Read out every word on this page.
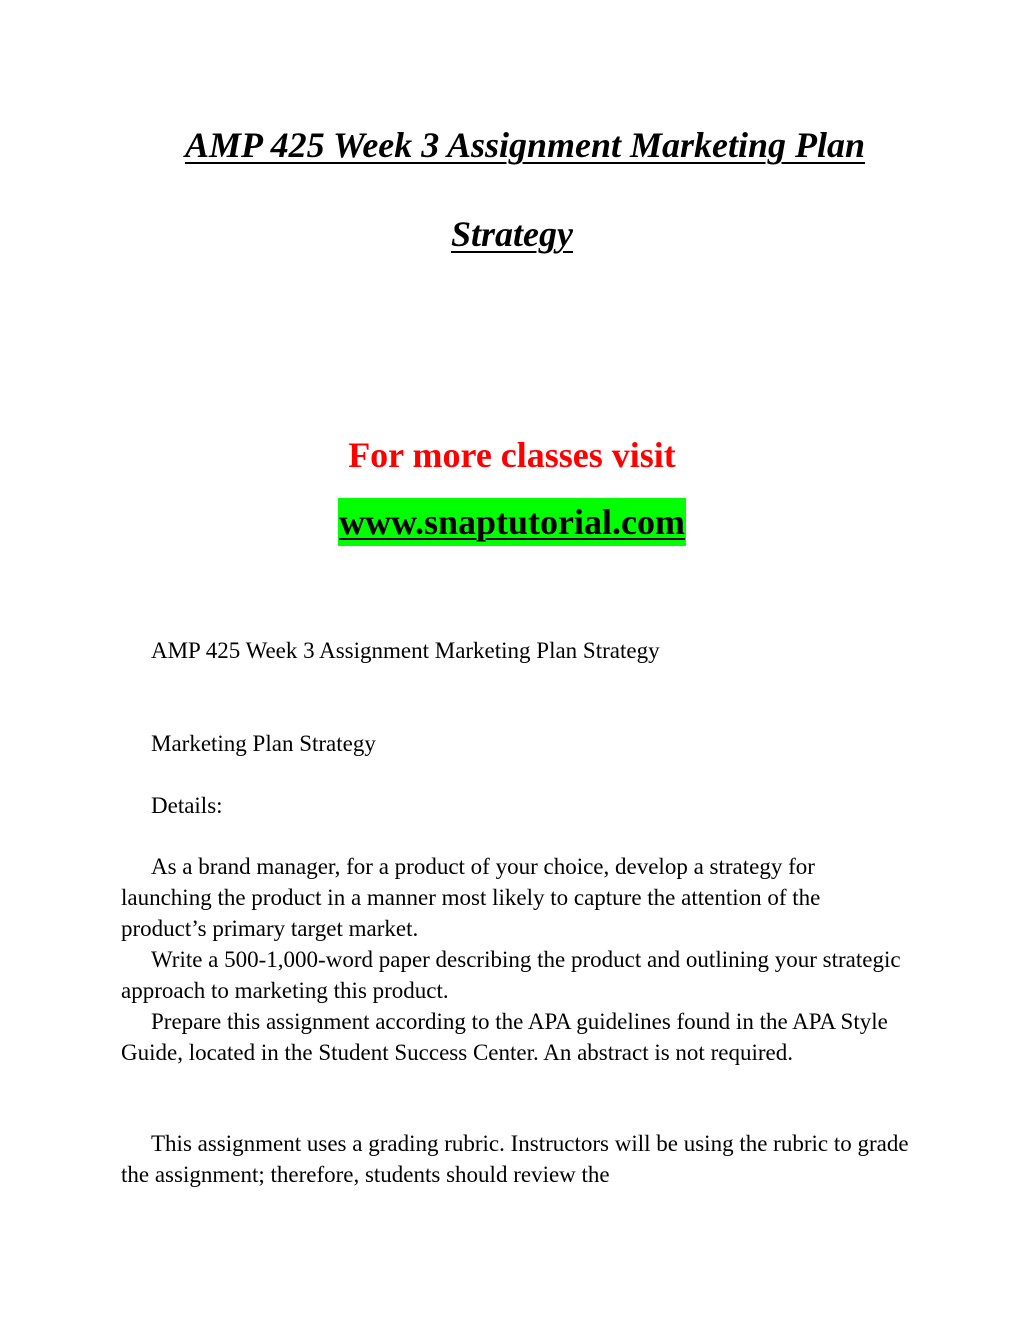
AMP 425 Week 3 Assignment Marketing Plan
Strategy
For more classes visit
www.snaptutorial.com

AMP 425 Week 3 Assignment Marketing Plan Strategy

Marketing Plan Strategy

Details:

As a brand manager, for a product of your choice, develop a strategy for launching the product in a manner most likely to capture the attention of the product’s primary target market.

Write a 500-1,000-word paper describing the product and outlining your strategic approach to marketing this product.

Prepare this assignment according to the APA guidelines found in the APA Style Guide, located in the Student Success Center. An abstract is not required.

This assignment uses a grading rubric. Instructors will be using the rubric to grade the assignment; therefore, students should review the
